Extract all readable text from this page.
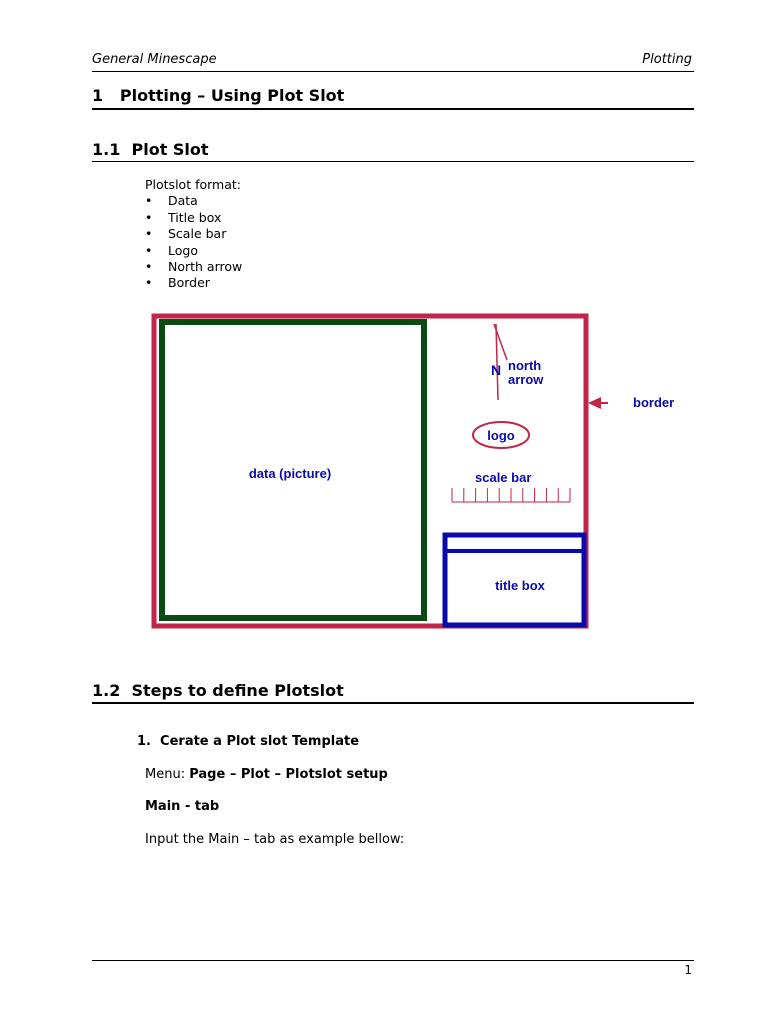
General Minescape	Plotting
1 Plotting – Using Plot Slot
1.1 Plot Slot
Plotslot format:
• Data
• Title box
• Scale bar
• Logo
• North arrow
• Border
data (picture)
N north
arrow
border
logo
scale bar
title box
1.2 Steps to define Plotslot
1. Cerate a Plot slot Template
Menu: Page – Plot – Plotslot setup
Main - tab
Input the Main – tab as example bellow:
1
